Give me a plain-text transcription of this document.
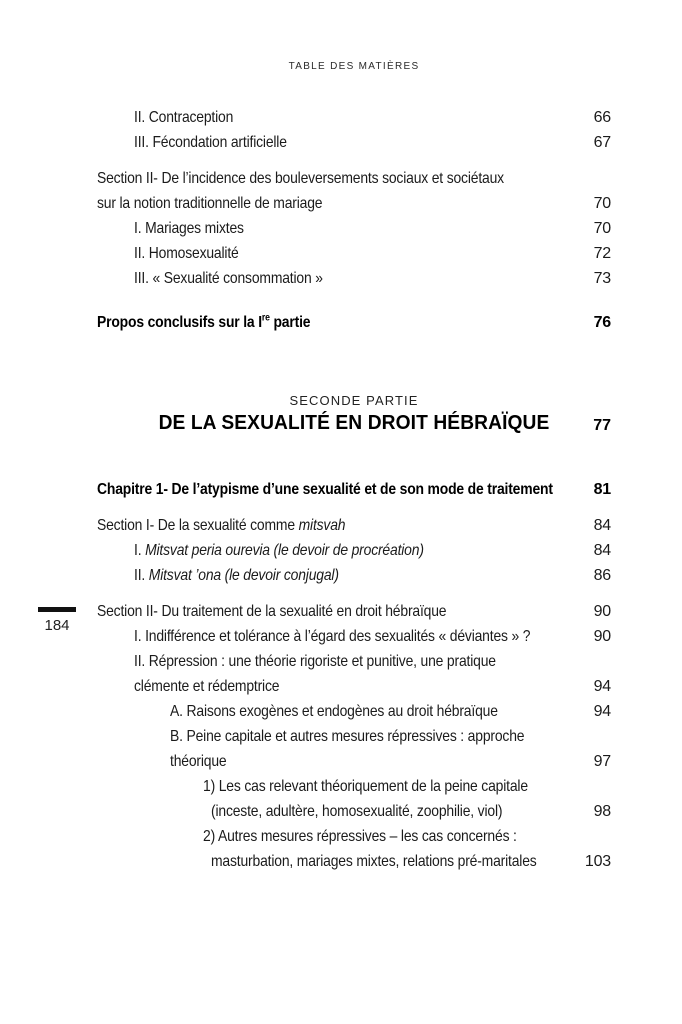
TABLE DES MATIÈRES
184
II. Contraception	66
III. Fécondation artificielle	67
Section II- De l’incidence des bouleversements sociaux et sociétaux
sur la notion traditionnelle de mariage	70
I. Mariages mixtes	70
II. Homosexualité	72
III. « Sexualité consommation »	73
Propos conclusifs sur la Ire partie	76
SECONDE PARTIE
DE LA SEXUALITÉ EN DROIT HÉBRAÏQUE	77
Chapitre 1- De l’atypisme d’une sexualité et de son mode de traitement	81
Section I- De la sexualité comme mitsvah	84
I. Mitsvat peria ourevia (le devoir de procréation)	84
II. Mitsvat ’ona (le devoir conjugal)	86
Section II- Du traitement de la sexualité en droit hébraïque	90
I. Indifférence et tolérance à l’égard des sexualités « déviantes » ?	90
II. Répression : une théorie rigoriste et punitive, une pratique
clémente et rédemptrice	94
A. Raisons exogènes et endogènes au droit hébraïque	94
B. Peine capitale et autres mesures répressives : approche
théorique	97
1) Les cas relevant théoriquement de la peine capitale
(inceste, adultère, homosexualité, zoophilie, viol)	98
2) Autres mesures répressives – les cas concernés :
masturbation, mariages mixtes, relations pré-maritales	103
